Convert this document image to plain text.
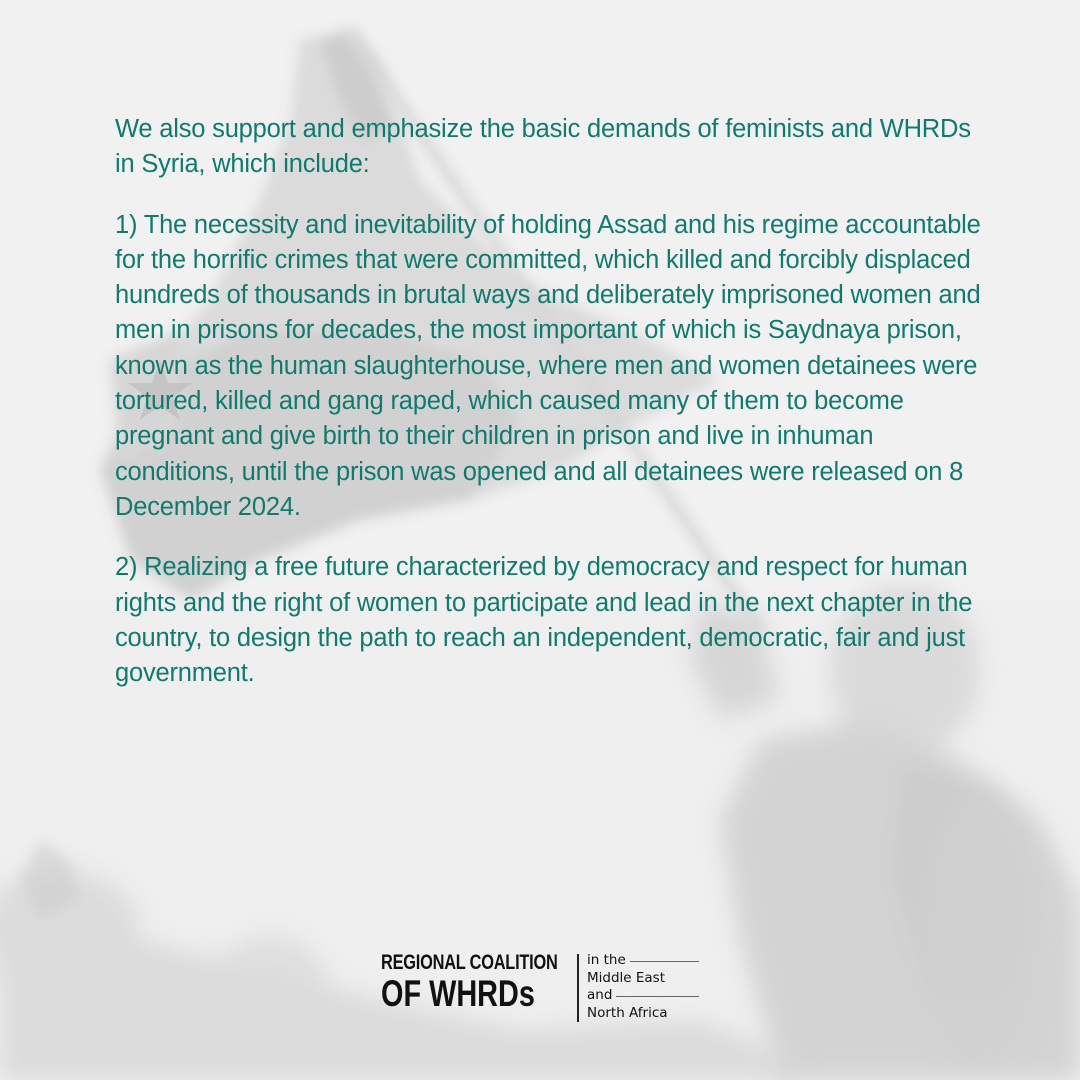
We also support and emphasize the basic demands of feminists and WHRDs in Syria, which include:

1) The necessity and inevitability of holding Assad and his regime accountable for the horrific crimes that were committed, which killed and forcibly displaced hundreds of thousands in brutal ways and deliberately imprisoned women and men in prisons for decades, the most important of which is Saydnaya prison, known as the human slaughterhouse, where men and women detainees were tortured, killed and gang raped, which caused many of them to become pregnant and give birth to their children in prison and live in inhuman conditions, until the prison was opened and all detainees were released on 8 December 2024.

2) Realizing a free future characterized by democracy and respect for human rights and the right of women to participate and lead in the next chapter in the country, to design the path to reach an independent, democratic, fair and just government.

REGIONAL COALITION
OF WHRDs
in the
Middle East
and
North Africa
